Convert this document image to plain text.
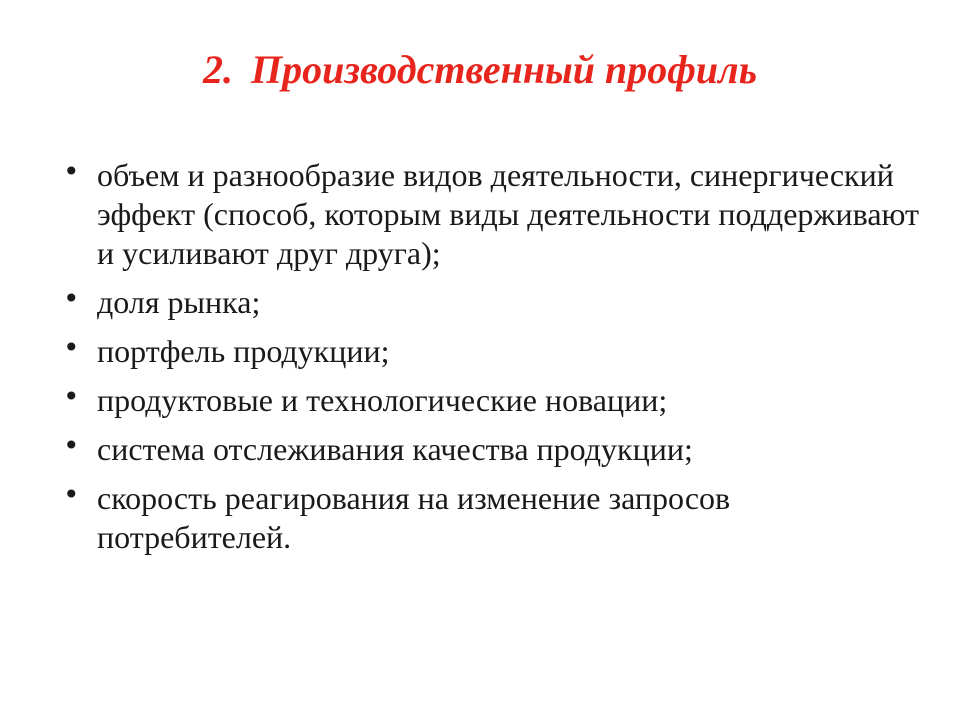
2. Производственный профиль
• объем и разнообразие видов деятельности, синергический эффект (способ, которым виды деятельности поддерживают и усиливают друг друга);
• доля рынка;
• портфель продукции;
• продуктовые и технологические новации;
• система отслеживания качества продукции;
• скорость реагирования на изменение запросов потребителей.
